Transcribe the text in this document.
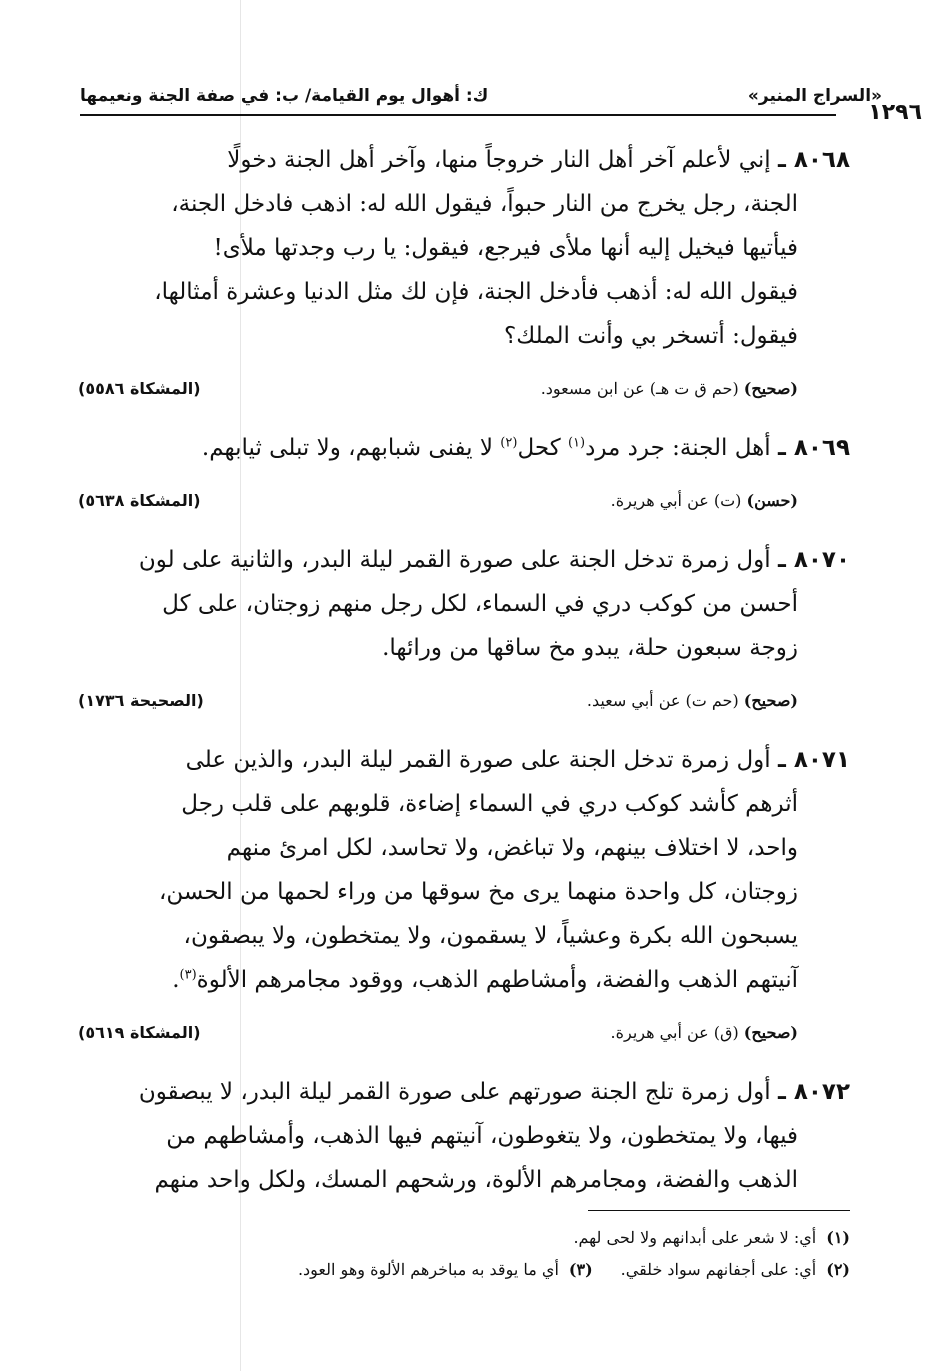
«السراج المنير»
ك: أهوال يوم القيامة/ ب: في صفة الجنة ونعيمها
١٢٩٦

٨٠٦٨ ـ إني لأعلم آخر أهل النار خروجاً منها، وآخر أهل الجنة دخولًا

الجنة، رجل يخرج من النار حبواً، فيقول الله له: اذهب فادخل الجنة،

فيأتيها فيخيل إليه أنها ملأى فيرجع، فيقول: يا رب وجدتها ملأى!

فيقول الله له: أذهب فأدخل الجنة، فإن لك مثل الدنيا وعشرة أمثالها،

فيقول: أتسخر بي وأنت الملك؟

(صحيح) (حم ق ت هـ) عن ابن مسعود.
(المشكاة ٥٥٨٦)

٨٠٦٩ ـ أهل الجنة: جرد مرد$^{(١)}$ كحل$^{(٢)}$ لا يفنى شبابهم، ولا تبلى ثيابهم.

(حسن) (ت) عن أبي هريرة.
(المشكاة ٥٦٣٨)

٨٠٧٠ ـ أول زمرة تدخل الجنة على صورة القمر ليلة البدر، والثانية على لون

أحسن من كوكب دري في السماء، لكل رجل منهم زوجتان، على كل

زوجة سبعون حلة، يبدو مخ ساقها من ورائها.

(صحيح) (حم ت) عن أبي سعيد.
(الصحيحة ١٧٣٦)

٨٠٧١ ـ أول زمرة تدخل الجنة على صورة القمر ليلة البدر، والذين على

أثرهم كأشد كوكب دري في السماء إضاءة، قلوبهم على قلب رجل

واحد، لا اختلاف بينهم، ولا تباغض، ولا تحاسد، لكل امرئ منهم

زوجتان، كل واحدة منهما يرى مخ سوقها من وراء لحمها من الحسن،

يسبحون الله بكرة وعشياً، لا يسقمون، ولا يمتخطون، ولا يبصقون،

آنيتهم الذهب والفضة، وأمشاطهم الذهب، ووقود مجامرهم الألوة$^{(٣)}$.

(صحيح) (ق) عن أبي هريرة.
(المشكاة ٥٦١٩)

٨٠٧٢ ـ أول زمرة تلج الجنة صورتهم على صورة القمر ليلة البدر، لا يبصقون

فيها، ولا يمتخطون، ولا يتغوطون، آنيتهم فيها الذهب، وأمشاطهم من

الذهب والفضة، ومجامرهم الألوة، ورشحهم المسك، ولكل واحد منهم

(١)أي: لا شعر على أبدانهم ولا لحى لهم.
(٢)أي: على أجفانهم سواد خلقي.(٣)أي ما يوقد به مباخرهم الألوة وهو العود.
